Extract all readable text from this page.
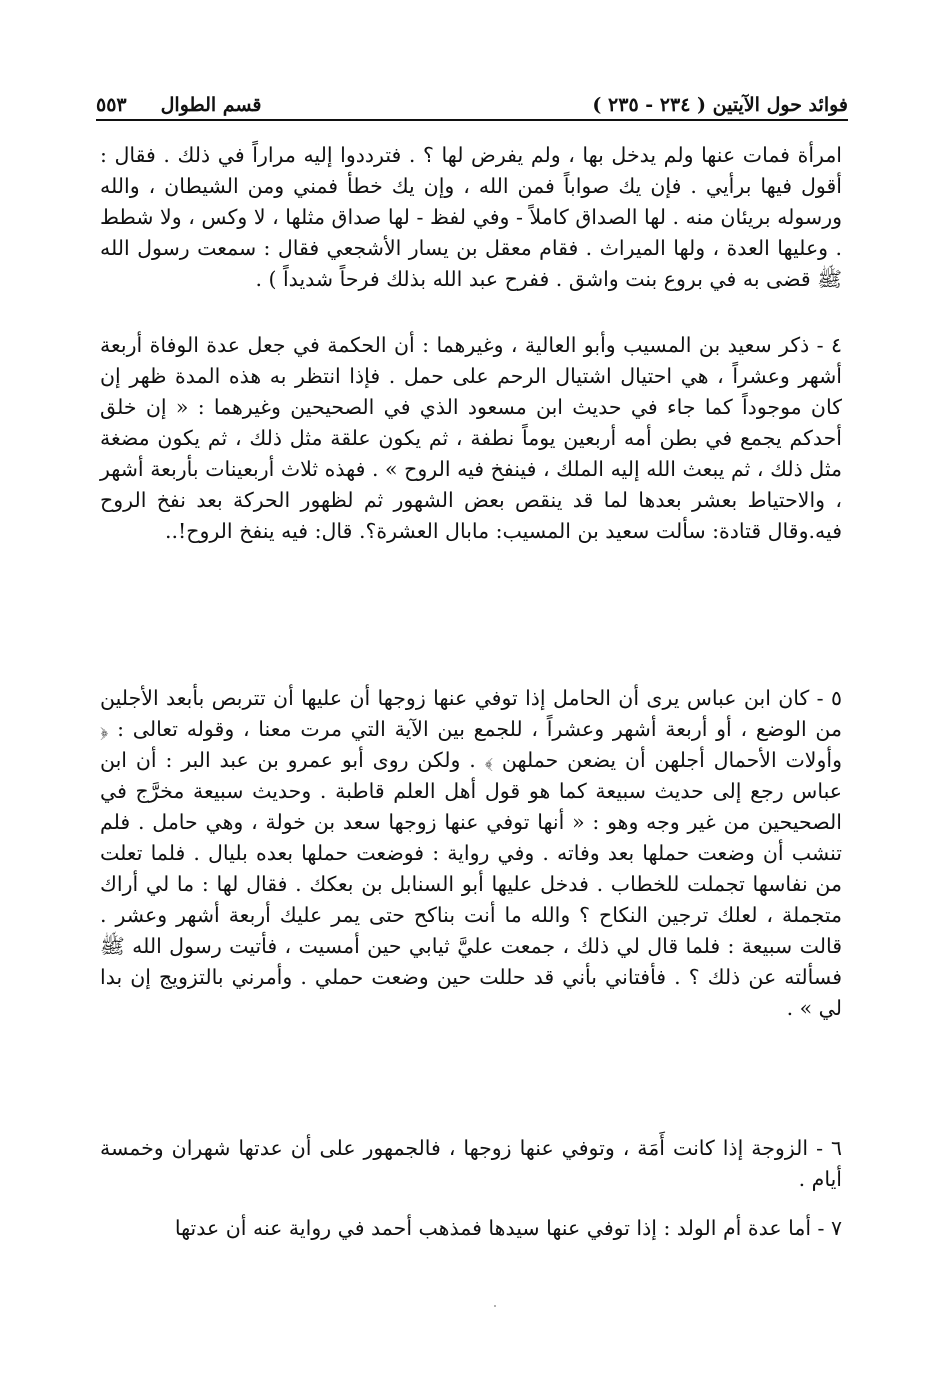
فوائد حول الآيتين ( ٢٣٤ - ٢٣٥ )
قسم الطوال
٥٥٣
امرأة فمات عنها ولم يدخل بها ، ولم يفرض لها ؟ . فترددوا إليه مراراً في ذلك . فقال : أقول فيها برأيي . فإن يك صواباً فمن الله ، وإن يك خطأ فمني ومن الشيطان ، والله ورسوله بريئان منه . لها الصداق كاملاً - وفي لفظ - لها صداق مثلها ، لا وكس ، ولا شطط . وعليها العدة ، ولها الميراث . فقام معقل بن يسار الأشجعي فقال : سمعت رسول الله ﷺ قضى به في بروع بنت واشق . ففرح عبد الله بذلك فرحاً شديداً ) .
٤ - ذكر سعيد بن المسيب وأبو العالية ، وغيرهما : أن الحكمة في جعل عدة الوفاة أربعة أشهر وعشراً ، هي احتيال اشتيال الرحم على حمل . فإذا انتظر به هذه المدة ظهر إن كان موجوداً كما جاء في حديث ابن مسعود الذي في الصحيحين وغيرهما : « إن خلق أحدكم يجمع في بطن أمه أربعين يوماً نطفة ، ثم يكون علقة مثل ذلك ، ثم يكون مضغة مثل ذلك ، ثم يبعث الله إليه الملك ، فينفخ فيه الروح » . فهذه ثلاث أربعينات بأربعة أشهر ، والاحتياط بعشر بعدها لما قد ينقص بعض الشهور ثم لظهور الحركة بعد نفخ الروح فيه.وقال قتادة: سألت سعيد بن المسيب: مابال العشرة؟. قال: فيه ينفخ الروح!..
٥ - كان ابن عباس يرى أن الحامل إذا توفي عنها زوجها أن عليها أن تتربص بأبعد الأجلين من الوضع ، أو أربعة أشهر وعشراً ، للجمع بين الآية التي مرت معنا ، وقوله تعالى : ﴿ وأولات الأحمال أجلهن أن يضعن حملهن ﴾ . ولكن روى أبو عمرو بن عبد البر : أن ابن عباس رجع إلى حديث سبيعة كما هو قول أهل العلم قاطبة . وحديث سبيعة مخرَّج في الصحيحين من غير وجه وهو : « أنها توفي عنها زوجها سعد بن خولة ، وهي حامل . فلم تنشب أن وضعت حملها بعد وفاته . وفي رواية : فوضعت حملها بعده بليال . فلما تعلت من نفاسها تجملت للخطاب . فدخل عليها أبو السنابل بن بعكك . فقال لها : ما لي أراك متجملة ، لعلك ترجين النكاح ؟ والله ما أنت بناكح حتى يمر عليك أربعة أشهر وعشر . قالت سبيعة : فلما قال لي ذلك ، جمعت عليَّ ثيابي حين أمسيت ، فأتيت رسول الله ﷺ فسألته عن ذلك ؟ . فأفتاني بأني قد حللت حين وضعت حملي . وأمرني بالتزويج إن بدا لي » .
٦ - الزوجة إذا كانت أَمَة ، وتوفي عنها زوجها ، فالجمهور على أن عدتها شهران وخمسة أيام .
٧ - أما عدة أم الولد : إذا توفي عنها سيدها فمذهب أحمد في رواية عنه أن عدتها
